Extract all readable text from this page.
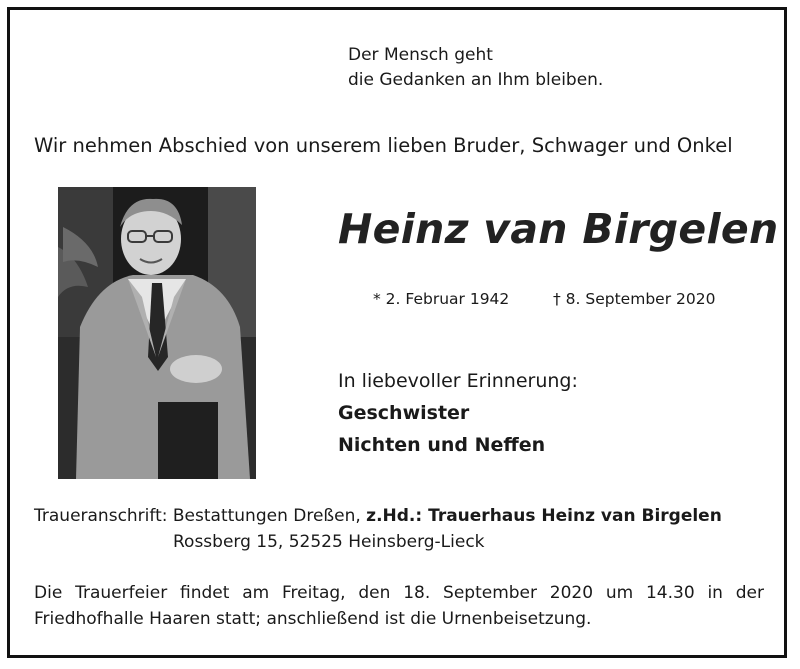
Der Mensch geht
die Gedanken an Ihm bleiben.
Wir nehmen Abschied von unserem lieben Bruder, Schwager und Onkel
Heinz van Birgelen
* 2. Februar 1942	† 8. September 2020
In liebevoller Erinnerung:
Geschwister
Nichten und Neffen
Traueranschrift: Bestattungen Dreßen, z.Hd.: Trauerhaus Heinz van Birgelen
Rossberg 15, 52525 Heinsberg-Lieck
Die Trauerfeier findet am Freitag, den 18. September 2020 um 14.30 in der
Friedhofhalle Haaren statt; anschließend ist die Urnenbeisetzung.
